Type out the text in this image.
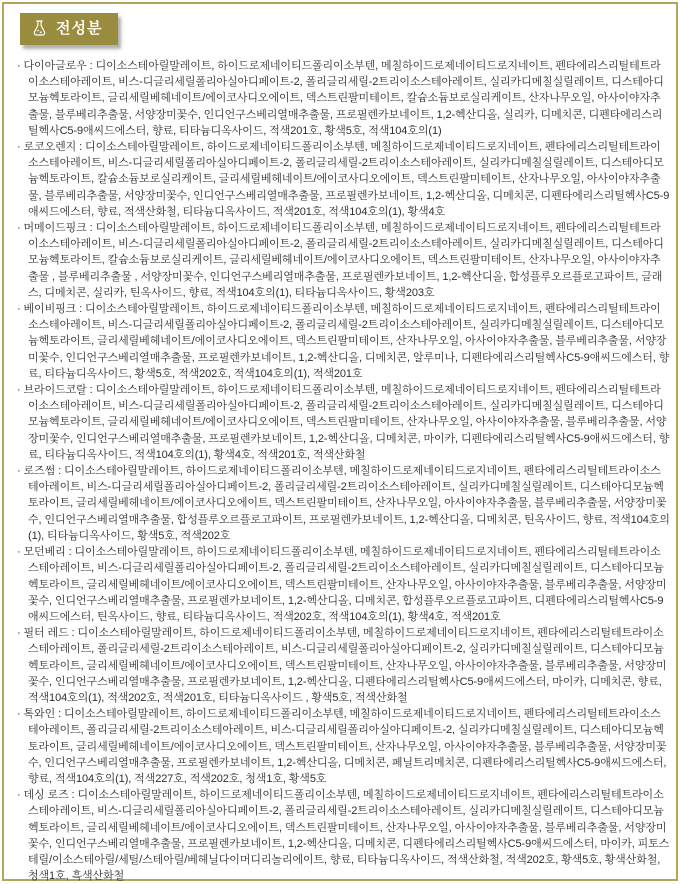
전성분

· 다이아글로우 : 디이소스테아릴말레이트, 하이드로제네이티드폴리이소부텐, 메칠하이드로제네이티드로지네이트, 펜타에리스리틸테트라이소스테아레이트, 비스-디글리세릴폴리아실아디페이트-2, 폴리글리세릴-2트리이소스테아레이트, 실리카디메칠실릴레이트, 디스테아디모늄헥토라이트, 글리세릴베헤네이트/에이코사디오에이트, 덱스트린팔미테이트, 칼슘소듐보로실리케이트, 산자나무오일, 아사이야자추출물, 블루베리추출물, 서양장미꽃수, 인디언구스베리열매추출물, 프로필렌카보네이트, 1,2-헥산디올, 실리카, 디메치콘, 디펜타에리스리틸헥사C5-9애씨드에스터, 향료, 티타늄디옥사이드, 적색201호, 황색5호, 적색104호의(1)

· 로코오렌지 : 디이소스테아릴말레이트, 하이드로제네이티드폴리이소부텐, 메칠하이드로제네이티드로지네이트, 펜타에리스리틸테트라이소스테아레이트, 비스-디글리세릴폴리아실아디페이트-2, 폴리글리세릴-2트리이소스테아레이트, 실리카디메칠실릴레이트, 디스테아디모늄헥토라이트, 칼슘소듐보로실리케이트, 글리세릴베헤네이트/에이코사디오에이트, 덱스트린팔미테이트, 산자나무오일, 아사이야자추출물, 블루베리추출물, 서양장미꽃수, 인디언구스베리열매추출물, 프로필렌카보네이트, 1,2-헥산디올, 디메치콘, 디펜타에리스리틸헥사C5-9애씨드에스터, 향료, 적색산화철, 티타늄디옥사이드, 적색201호, 적색104호의(1), 황색4호

· 머메이드핑크 : 디이소스테아릴말레이트, 하이드로제네이티드폴리이소부텐, 메칠하이드로제네이티드로지네이트, 펜타에리스리틸테트라이소스테아레이트, 비스-디글리세릴폴리아실아디페이트-2, 폴리글리세릴-2트리이소스테아레이트, 실리카디메칠실릴레이트, 디스테아디모늄헥토라이트, 칼슘소듐보로실리케이트, 글리세릴베헤네이트/에이코사디오에이트, 덱스트린팔미테이트, 산자나무오일, 아사이야자추출물 , 블루베리추출물 , 서양장미꽃수, 인디언구스베리열매추출물, 프로필렌카보네이트, 1,2-헥산디올, 합성플루오르플로고파이트, 글래스, 디메치콘, 실리카, 틴옥사이드, 향료, 적색104호의(1), 티타늄디옥사이드, 황색203호

· 베이비핑크 : 디이소스테아릴말레이트, 하이드로제네이티드폴리이소부텐, 메칠하이드로제네이티드로지네이트, 펜타에리스리틸테트라이소스테아레이트, 비스-디글리세릴폴리아실아디페이트-2, 폴리글리세릴-2트리이소스테아레이트, 실리카디메칠실릴레이트, 디스테아디모늄헥토라이트, 글리세릴베헤네이트/에이코사디오에이트, 덱스트린팔미테이트, 산자나무오일, 아사이야자추출물, 블루베리추출물, 서양장미꽃수, 인디언구스베리열매추출물, 프로필렌카보네이트, 1,2-헥산디올, 디메치콘, 알루미나, 디펜타에리스리틸헥사C5-9애씨드에스터, 향료, 티타늄디옥사이드, 황색5호, 적색202호, 적색104호의(1), 적색201호

· 브라이드코랄 : 디이소스테아릴말레이트, 하이드로제네이티드폴리이소부텐, 메칠하이드로제네이티드로지네이트, 펜타에리스리틸테트라이소스테아레이트, 비스-디글리세릴폴리아실아디페이트-2, 폴리글리세릴-2트리이소스테아레이트, 실리카디메칠실릴레이트, 디스테아디모늄헥토라이트, 글리세릴베헤네이트/에이코사디오에이트, 덱스트린팔미테이트, 산자나무오일, 아사이야자추출물, 블루베리추출물, 서양장미꽃수, 인디언구스베리열매추출물, 프로필렌카보네이트, 1,2-헥산디올, 디메치콘, 마이카, 디펜타에리스리틸헥사C5-9애씨드에스터, 향료, 티타늄디옥사이드, 적색104호의(1), 황색4호, 적색201호, 적색산화철

· 로즈썸 : 디이소스테아릴말레이트, 하이드로제네이티드폴리이소부텐, 메칠하이드로제네이티드로지네이트, 펜타에리스리틸테트라이소스테아레이트, 비스-디글리세릴폴리아실아디페이트-2, 폴리글리세릴-2트리이소스테아레이트, 실리카디메칠실릴레이트, 디스테아디모늄헥토라이트, 글리세릴베헤네이트/에이코사디오에이트, 덱스트린팔미테이트, 산자나무오일, 아사이야자추출물, 블루베리추출물, 서양장미꽃수, 인디언구스베리열매추출물, 합성플루오르플로고파이트, 프로필렌카보네이트, 1,2-헥산디올, 디메치콘, 틴옥사이드, 향료, 적색104호의(1), 티타늄디옥사이드, 황색5호, 적색202호

· 모던베리 : 디이소스테아릴말레이트, 하이드로제네이티드폴리이소부텐, 메칠하이드로제네이티드로지네이트, 펜타에리스리틸테트라이소스테아레이트, 비스-디글리세릴폴리아실아디페이트-2, 폴리글리세릴-2트리이소스테아레이트, 실리카디메칠실릴레이트, 디스테아디모늄헥토라이트, 글리세릴베헤네이트/에이코사디오에이트, 덱스트린팔미테이트, 산자나무오일, 아사이야자추출물, 블루베리추출물, 서양장미꽃수, 인디언구스베리열매추출물, 프로필렌카보네이트, 1,2-헥산디올, 디메치콘, 합성플루오르플로고파이트, 디펜타에리스리틸헥사C5-9애씨드에스터, 틴옥사이드, 향료, 티타늄디옥사이드, 적색202호, 적색104호의(1), 황색4호, 적색201호

· 필터 레드 : 디이소스테아릴말레이트, 하이드로제네이티드폴리이소부텐, 메칠하이드로제네이티드로지네이트, 펜타에리스리틸테트라이소스테아레이트, 폴리글리세릴-2트리이소스테아레이트, 비스-디글리세릴폴리아실아디페이트-2, 실리카디메칠실릴레이트, 디스테아디모늄헥토라이트, 글리세릴베헤네이트/에이코사디오에이트, 덱스트린팔미테이트, 산자나무오일, 아사이야자추출물, 블루베리추출물, 서양장미꽃수, 인디언구스베리열매추출물, 프로필렌카보네이트, 1,2-헥산디올, 디펜타에리스리틸헥사C5-9애씨드에스터, 마이카, 디메치콘, 향료, 적색104호의(1), 적색202호, 적색201호, 티타늄디옥사이드 , 황색5호, 적색산화철

· 톡와인 : 디이소스테아릴말레이트, 하이드로제네이티드폴리이소부텐, 메칠하이드로제네이티드로지네이트, 펜타에리스리틸테트라이소스테아레이트, 폴리글리세릴-2트리이소스테아레이트, 비스-디글리세릴폴리아실아디페이트-2, 실리카디메칠실릴레이트, 디스테아디모늄헥토라이트, 글리세릴베헤네이트/에이코사디오에이트, 덱스트린팔미테이트, 산자나무오일, 아사이야자추출물, 블루베리추출물, 서양장미꽃수, 인디언구스베리열매추출물, 프로필렌카보네이트, 1,2-헥산디올, 디메치콘, 페닐트리메치콘, 디펜타에리스리틸헥사C5-9애씨드에스터, 향료, 적색104호의(1), 적색227호, 적색202호, 청색1호, 황색5호

· 데싱 로즈 : 디이소스테아릴말레이트, 하이드로제네이티드폴리이소부텐, 메칠하이드로제네이티드로지네이트, 펜타에리스리틸테트라이소스테아레이트, 비스-디글리세릴폴리아실아디페이트-2, 폴리글리세릴-2트리이소스테아레이트, 실리카디메칠실릴레이트, 디스테아디모늄헥토라이트, 글리세릴베헤네이트/에이코사디오에이트, 덱스트린팔미테이트, 산자나무오일, 아사이야자추출물, 블루베리추출물, 서양장미꽃수, 인디언구스베리열매추출물, 프로필렌카보네이트, 1,2-헥산디올, 디메치콘, 디펜타에리스리틸헥사C5-9애씨드에스터, 마이카, 피토스테릴/이소스테아릴/세틸/스테아릴/베헤닐다이머디리놀리에이트, 향료, 티타늄디옥사이드, 적색산화철, 적색202호, 황색5호, 황색산화철, 청색1호, 흑색산화철
